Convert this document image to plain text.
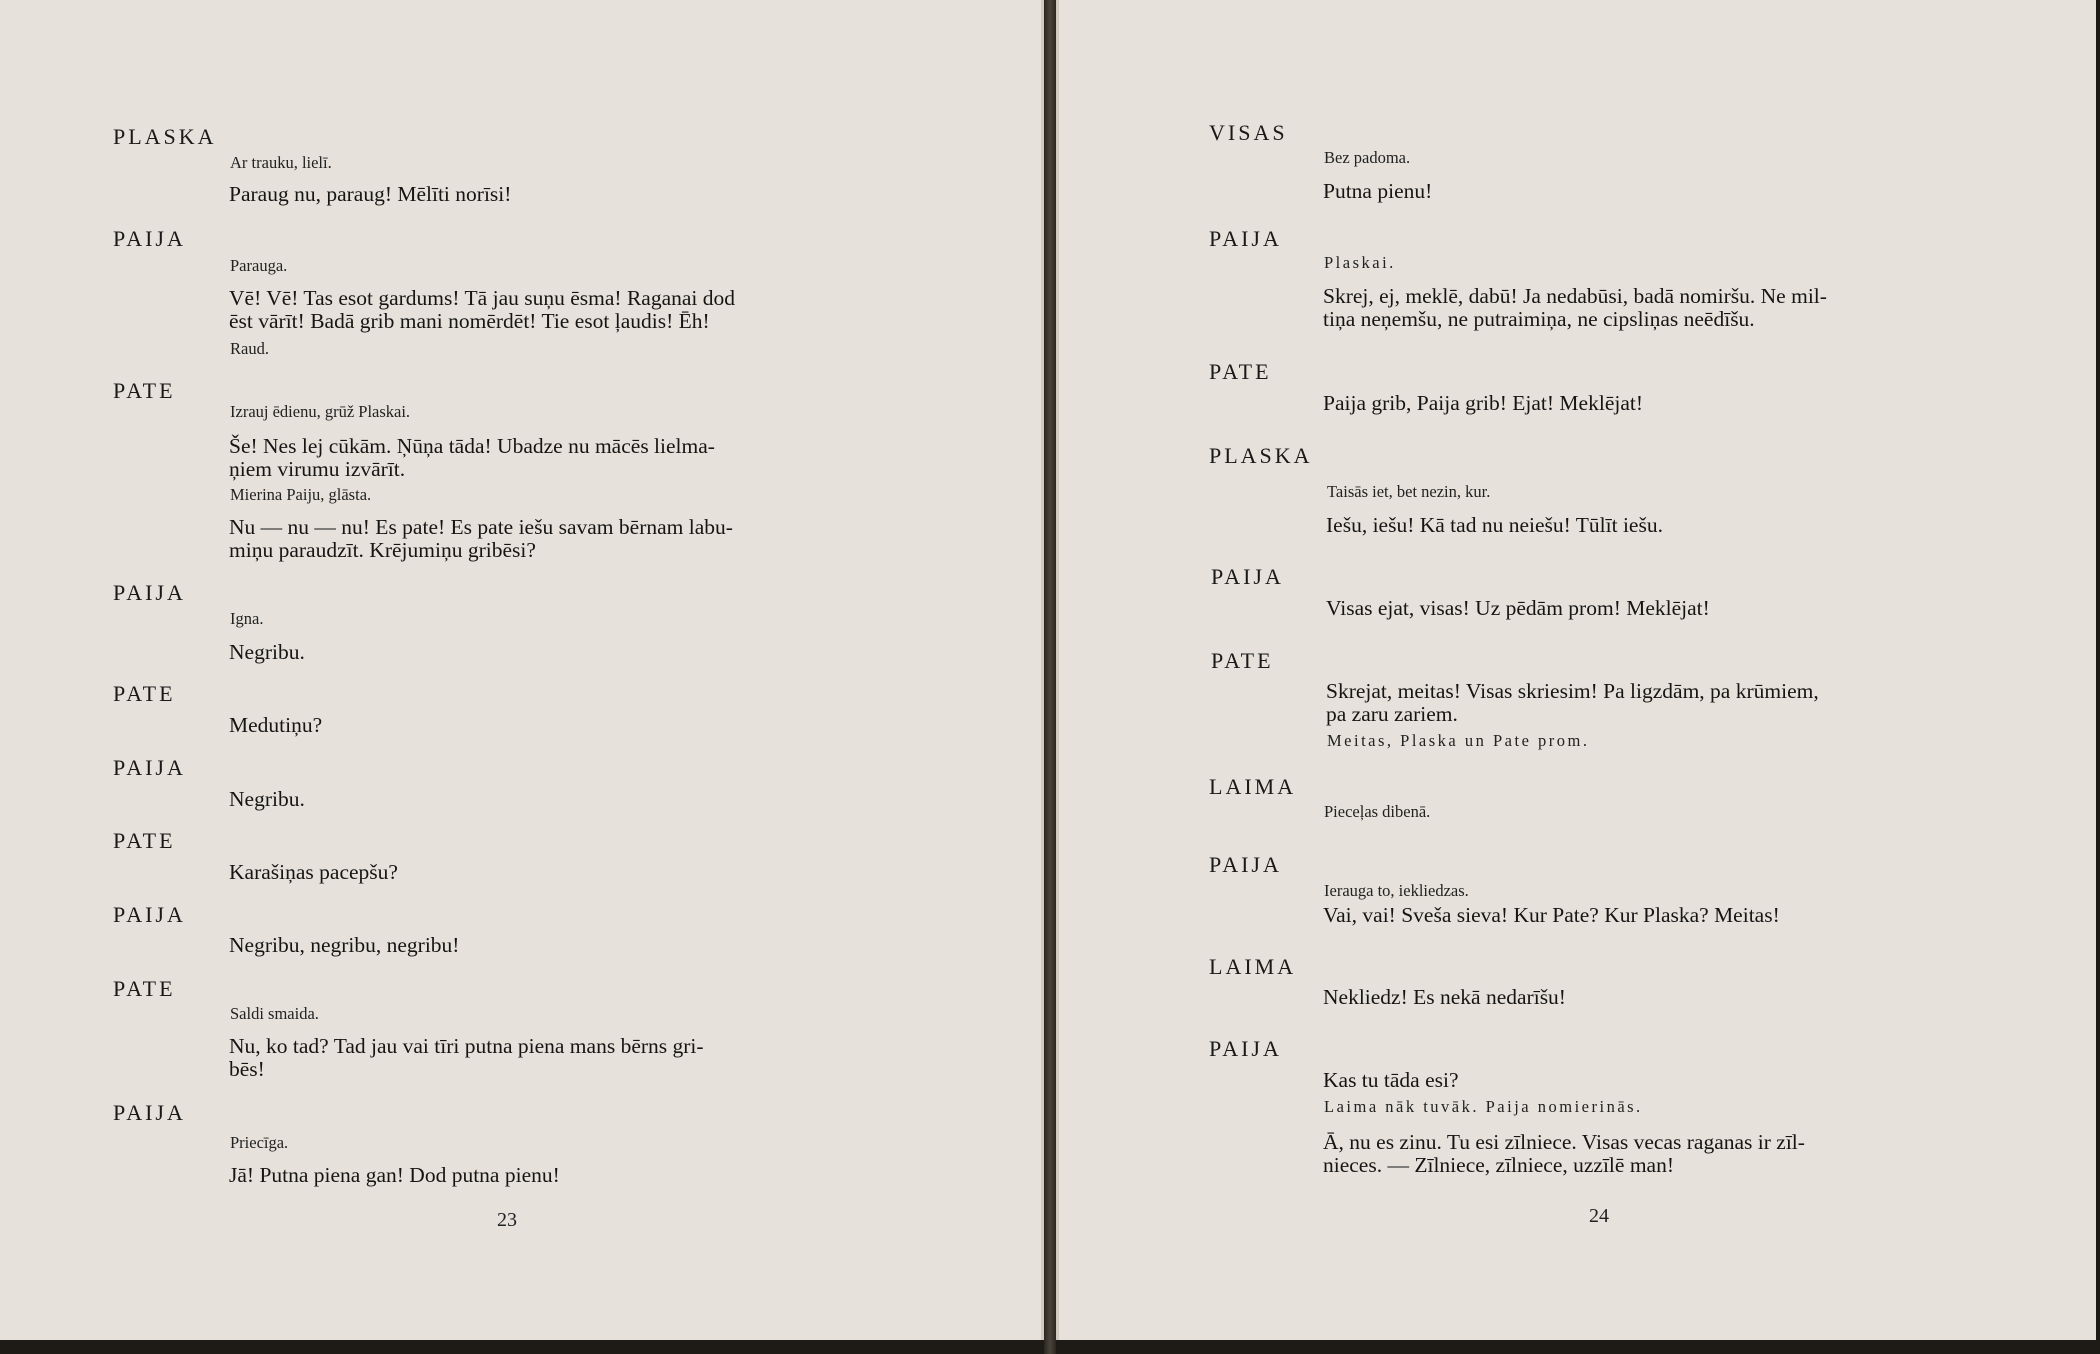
PLASKA
Ar trauku, lielī.
Paraug nu, paraug! Mēlīti norīsi!
PAIJA
Parauga.
Vē! Vē! Tas esot gardums! Tā jau suņu ēsma! Raganai dod
ēst vārīt! Badā grib mani nomērdēt! Tie esot ļaudis! Ēh!
Raud.
PATE
Izrauj ēdienu, grūž Plaskai.
Še! Nes lej cūkām. Ņūņa tāda! Ubadze nu mācēs lielma-
ņiem virumu izvārīt.
Mierina Paiju, glāsta.
Nu — nu — nu! Es pate! Es pate iešu savam bērnam labu-
miņu paraudzīt. Krējumiņu gribēsi?
PAIJA
Igna.
Negribu.
PATE
Medutiņu?
PAIJA
Negribu.
PATE
Karašiņas pacepšu?
PAIJA
Negribu, negribu, negribu!
PATE
Saldi smaida.
Nu, ko tad? Tad jau vai tīri putna piena mans bērns gri-
bēs!
PAIJA
Priecīga.
Jā! Putna piena gan! Dod putna pienu!
23
VISAS
Bez padoma.
Putna pienu!
PAIJA
Plaskai.
Skrej, ej, meklē, dabū! Ja nedabūsi, badā nomiršu. Ne mil-
tiņa neņemšu, ne putraimiņa, ne cipsliņas neēdīšu.
PATE
Paija grib, Paija grib! Ejat! Meklējat!
PLASKA
Taisās iet, bet nezin, kur.
Iešu, iešu! Kā tad nu neiešu! Tūlīt iešu.
PAIJA
Visas ejat, visas! Uz pēdām prom! Meklējat!
PATE
Skrejat, meitas! Visas skriesim! Pa ligzdām, pa krūmiem,
pa zaru zariem.
Meitas, Plaska un Pate prom.
LAIMA
Pieceļas dibenā.
PAIJA
Ierauga to, iekliedzas.
Vai, vai! Sveša sieva! Kur Pate? Kur Plaska? Meitas!
LAIMA
Nekliedz! Es nekā nedarīšu!
PAIJA
Kas tu tāda esi?
Laima nāk tuvāk. Paija nomierinās.
Ā, nu es zinu. Tu esi zīlniece. Visas vecas raganas ir zīl-
nieces. — Zīlniece, zīlniece, uzzīlē man!
24
